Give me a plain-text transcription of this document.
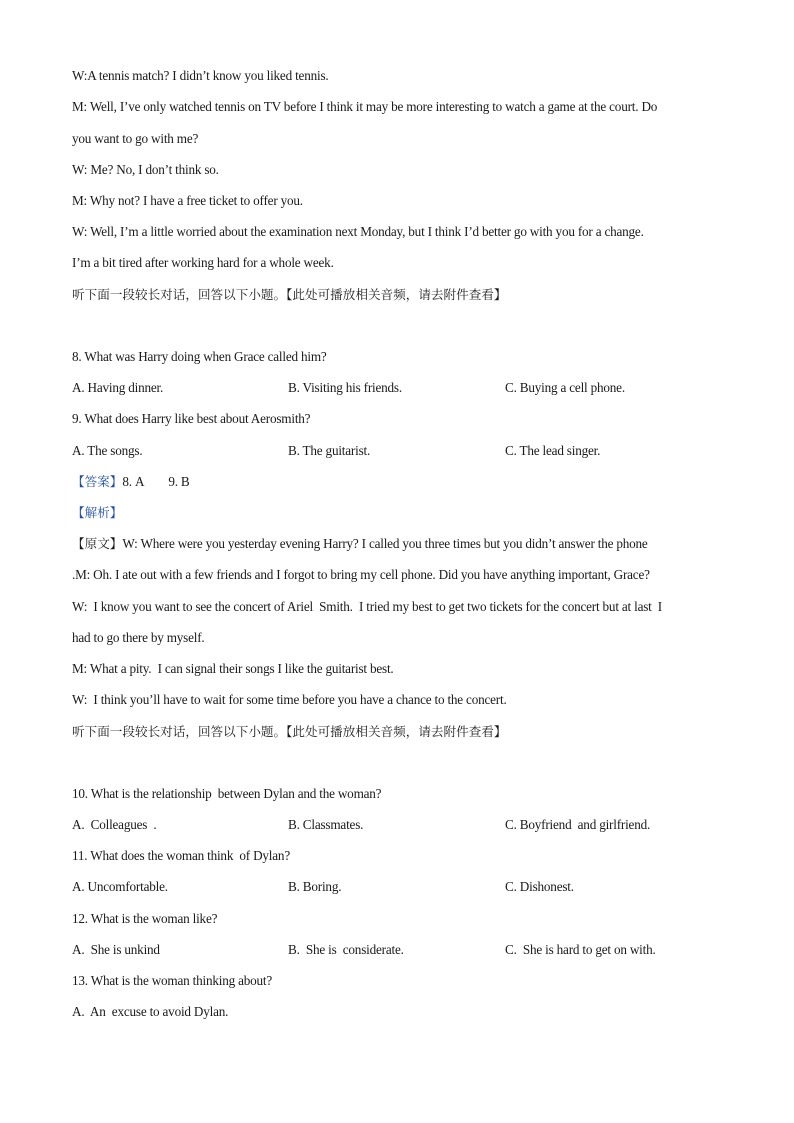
W:A tennis match? I didn’t know you liked tennis.
M: Well, I’ve only watched tennis on TV before I think it may be more interesting to watch a game at the court. Do
you want to go with me?
W: Me? No, I don’t think so.
M: Why not? I have a free ticket to offer you.
W: Well, I’m a little worried about the examination next Monday, but I think I’d better go with you for a change.
I’m a bit tired after working hard for a whole week.
听下面一段较长对话，回答以下小题。【此处可播放相关音频，请去附件查看】
8. What was Harry doing when Grace called him?
A. Having dinner.	B. Visiting his friends.	C. Buying a cell phone.
9. What does Harry like best about Aerosmith?
A. The songs.	B. The guitarist.	C. The lead singer.
【答案】8. A        9. B
【解析】
【原文】W: Where were you yesterday evening Harry? I called you three times but you didn’t answer the phone
.M: Oh. I ate out with a few friends and I forgot to bring my cell phone. Did you have anything important, Grace?
W:  I know you want to see the concert of Ariel  Smith.  I tried my best to get two tickets for the concert but at last  I
had to go there by myself.
M: What a pity.  I can signal their songs I like the guitarist best.
W:  I think you’ll have to wait for some time before you have a chance to the concert.
听下面一段较长对话，回答以下小题。【此处可播放相关音频，请去附件查看】
10. What is the relationship  between Dylan and the woman?
A.  Colleagues  .	B. Classmates.	C. Boyfriend  and girlfriend.
11. What does the woman think  of Dylan?
A. Uncomfortable.	B. Boring.	C. Dishonest.
12. What is the woman like?
A.  She is unkind	B.  She is  considerate.	C.  She is hard to get on with.
13. What is the woman thinking about?
A.  An  excuse to avoid Dylan.
